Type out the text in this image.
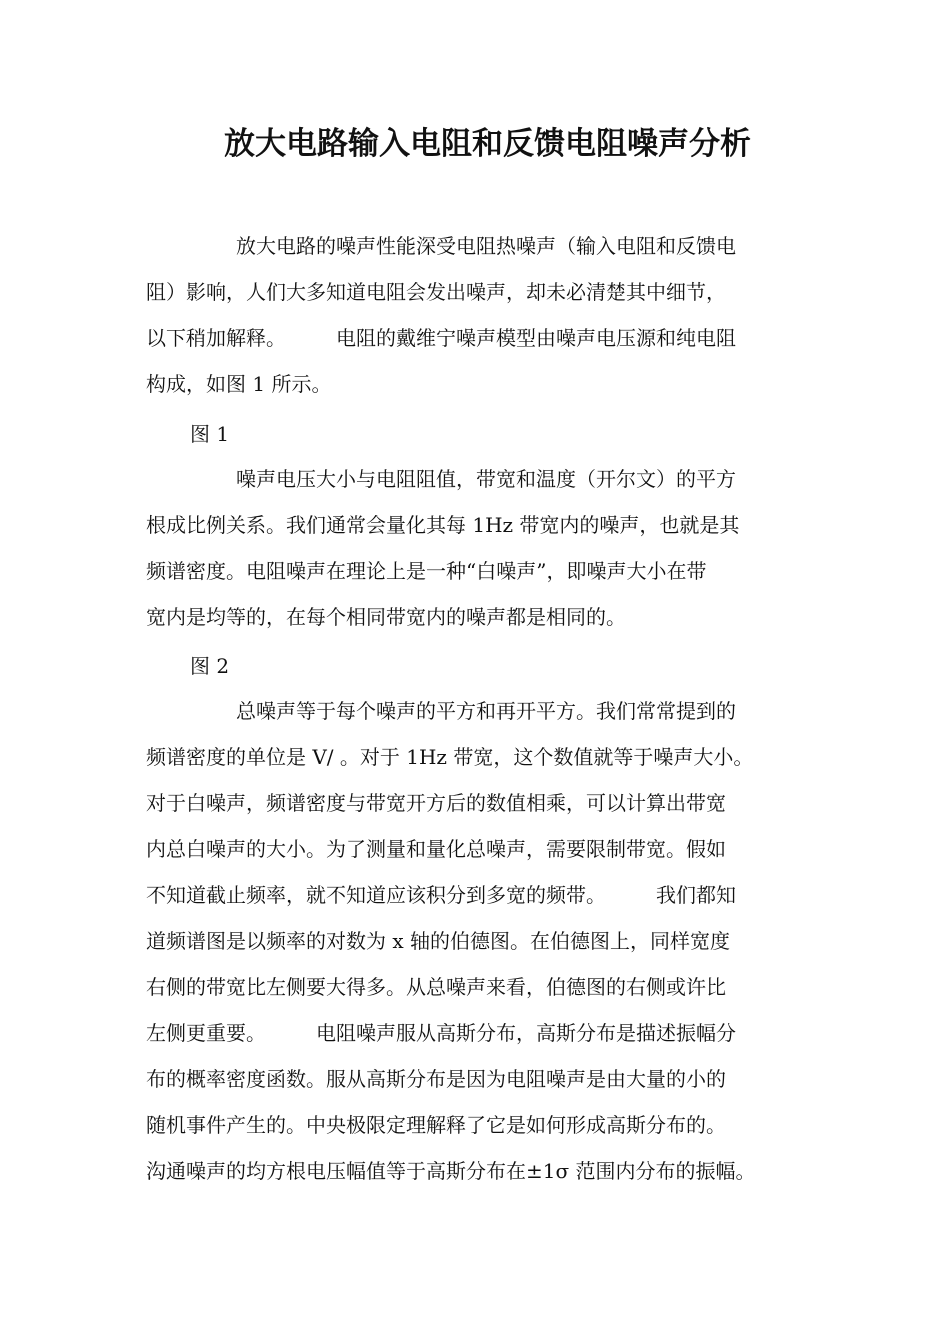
放大电路输入电阻和反馈电阻噪声分析
放大电路的噪声性能深受电阻热噪声（输入电阻和反馈电
阻）影响，人们大多知道电阻会发出噪声，却未必清楚其中细节，
以下稍加解释。　　　电阻的戴维宁噪声模型由噪声电压源和纯电阻
构成，如图 1 所示。
图 1
噪声电压大小与电阻阻值，带宽和温度（开尔文）的平方
根成比例关系。我们通常会量化其每 1Hz 带宽内的噪声，也就是其
频谱密度。电阻噪声在理论上是一种“白噪声”，即噪声大小在带
宽内是均等的，在每个相同带宽内的噪声都是相同的。
图 2
总噪声等于每个噪声的平方和再开平方。我们常常提到的
频谱密度的单位是 V/ 。对于 1Hz 带宽，这个数值就等于噪声大小。
对于白噪声，频谱密度与带宽开方后的数值相乘，可以计算出带宽
内总白噪声的大小。为了测量和量化总噪声，需要限制带宽。假如
不知道截止频率，就不知道应该积分到多宽的频带。　　　我们都知
道频谱图是以频率的对数为 x 轴的伯德图。在伯德图上，同样宽度
右侧的带宽比左侧要大得多。从总噪声来看，伯德图的右侧或许比
左侧更重要。　　　电阻噪声服从高斯分布，高斯分布是描述振幅分
布的概率密度函数。服从高斯分布是因为电阻噪声是由大量的小的
随机事件产生的。中央极限定理解释了它是如何形成高斯分布的。
沟通噪声的均方根电压幅值等于高斯分布在±1σ 范围内分布的振幅。
